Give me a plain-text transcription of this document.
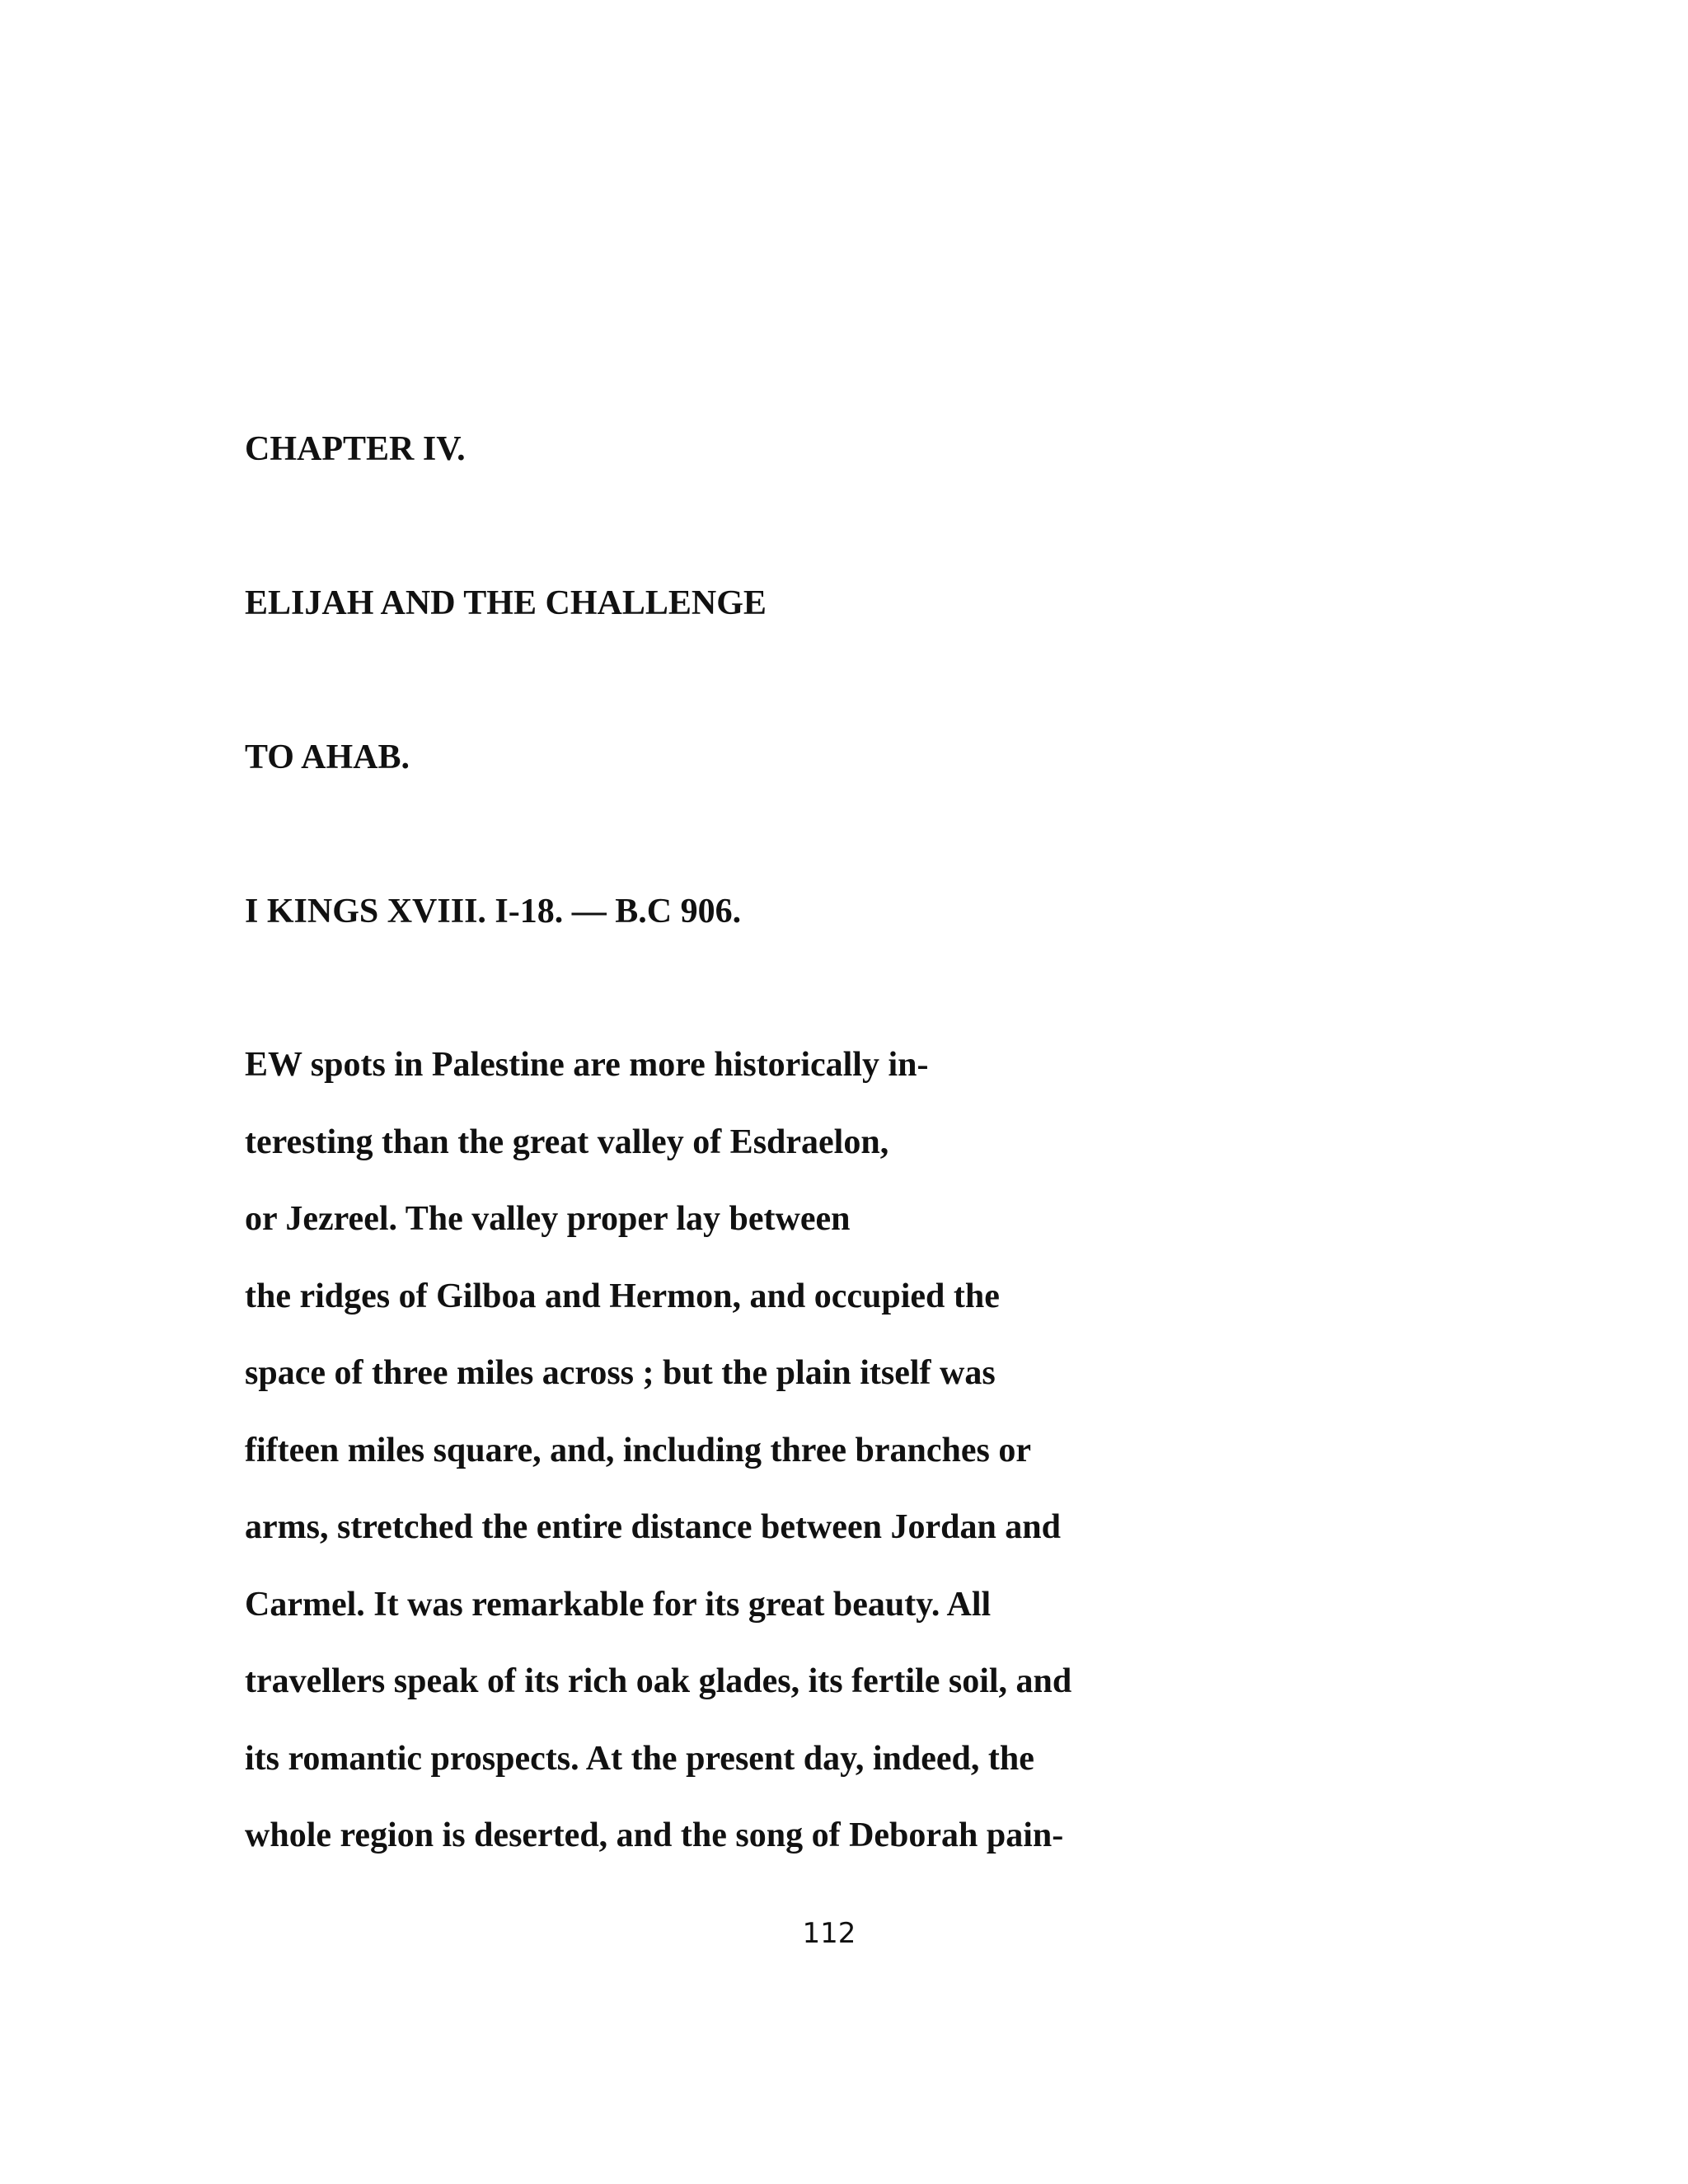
CHAPTER IV.

ELIJAH AND THE CHALLENGE

TO AHAB.

I KINGS XVIII. I-18. — B.C 906.

EW spots in Palestine are more historically in-

teresting than the great valley of Esdraelon,

or Jezreel. The valley proper lay between

the ridges of Gilboa and Hermon, and occupied the

space of three miles across ; but the plain itself was

fifteen miles square, and, including three branches or

arms, stretched the entire distance between Jordan and

Carmel. It was remarkable for its great beauty. All

travellers speak of its rich oak glades, its fertile soil, and

its romantic prospects. At the present day, indeed, the

whole region is deserted, and the song of Deborah pain-

112
